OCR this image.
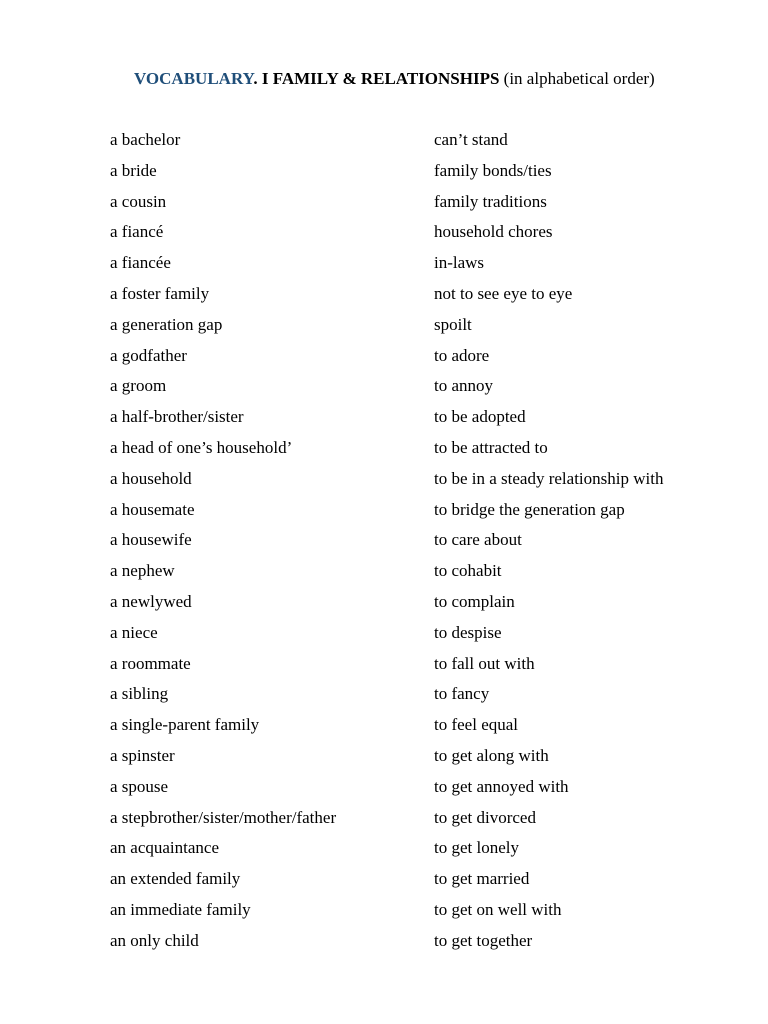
VOCABULARY. I FAMILY & RELATIONSHIPS (in alphabetical order)
a bachelor
a bride
a cousin
a fiancé
a fiancée
a foster family
a generation gap
a godfather
a groom
a half-brother/sister
a head of one’s household’
a household
a housemate
a housewife
a nephew
a newlywed
a niece
a roommate
a sibling
a single-parent family
a spinster
a spouse
a stepbrother/sister/mother/father
an acquaintance
an extended family
an immediate family
an only child
can’t stand
family bonds/ties
family traditions
household chores
in-laws
not to see eye to eye
spoilt
to adore
to annoy
to be adopted
to be attracted to
to be in a steady relationship with
to bridge the generation gap
to care about
to cohabit
to complain
to despise
to fall out with
to fancy
to feel equal
to get along with
to get annoyed with
to get divorced
to get lonely
to get married
to get on well with
to get together
